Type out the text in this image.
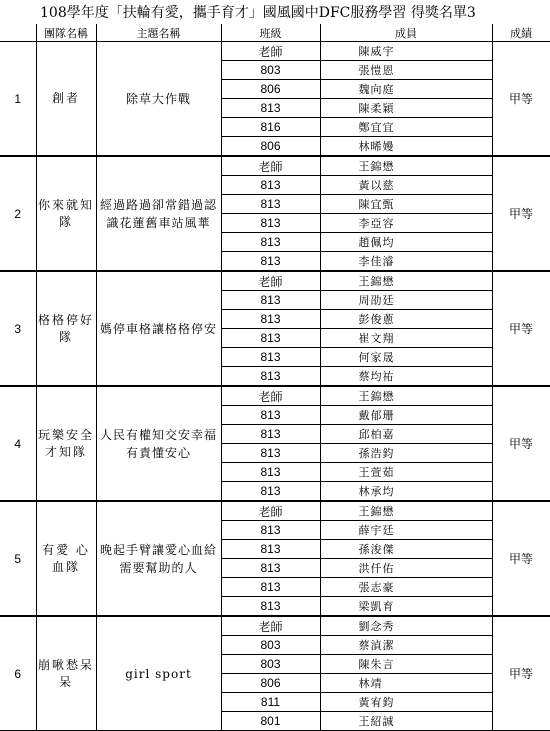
108學年度「扶輪有愛，攜手育才」國風國中DFC服務學習 得獎名單3
	團隊名稱	主題名稱	班級	成員	成績
1	創者	除草大作戰	老師	陳威宇	甲等
			803	張愷恩	
			806	魏向庭	
			813	陳柔穎	
			816	鄭宜宜	
			806	林晞嫚	
2	你來就知隊	經過路過卻常錯過認識花蓮舊車站風華	老師	王錦懋	甲等
			813	黃以慈	
			813	陳宜甄	
			813	李亞容	
			813	趙佩均	
			813	李佳濬	
3	格格停好隊	媽停車格讓格格停安	老師	王錦懋	甲等
			813	周劭廷	
			813	彭俊蔥	
			813	崔文翔	
			813	何家晟	
			813	蔡均祐	
4	玩樂安全才知隊	人民有權知交安幸福有責懂安心	老師	王錦懋	甲等
			813	戴郁珊	
			813	邱柏嘉	
			813	孫浩鈞	
			813	王萱茹	
			813	林承均	
5	有愛 心血隊	晚起手臂讓愛心血給需要幫助的人	老師	王錦懋	甲等
			813	薛宇廷	
			813	孫浚傑	
			813	洪仟佑	
			813	張志豪	
			813	梁凱育	
6	崩啾愁呆呆	girl sport	老師	劉念秀	甲等
			803	蔡湞潔	
			803	陳朱言	
			806	林靖	
			811	黃宥鈞	
			801	王紹誠	
